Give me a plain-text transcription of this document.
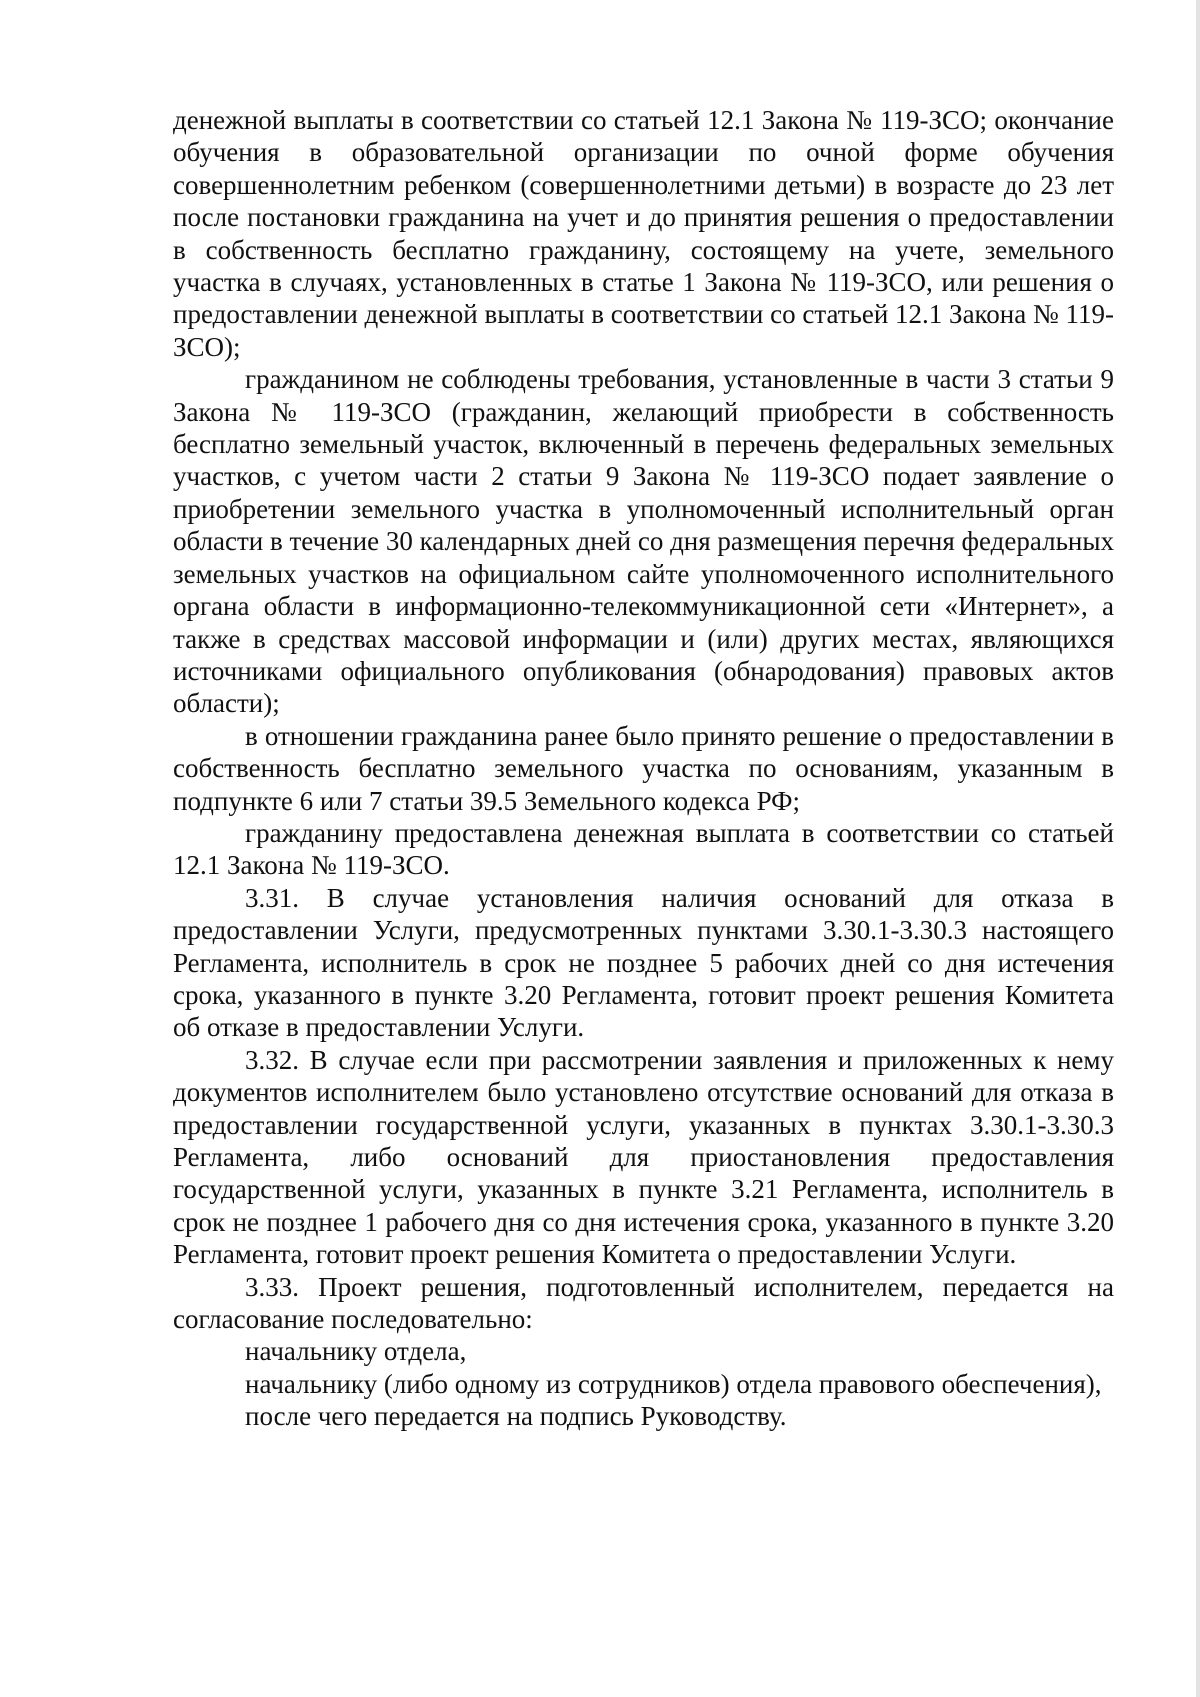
денежной выплаты в соответствии со статьей 12.1 Закона № 119-ЗСО; окончание обучения в образовательной организации по очной форме обучения совершеннолетним ребенком (совершеннолетними детьми) в возрасте до 23 лет после постановки гражданина на учет и до принятия решения о предоставлении в собственность бесплатно гражданину, состоящему на учете, земельного участка в случаях, установленных в статье 1 Закона № 119-ЗСО, или решения о предоставлении денежной выплаты в соответствии со статьей 12.1 Закона № 119-ЗСО);

гражданином не соблюдены требования, установленные в части 3 статьи 9 Закона № 119-ЗСО (гражданин, желающий приобрести в собственность бесплатно земельный участок, включенный в перечень федеральных земельных участков, с учетом части 2 статьи 9 Закона № 119-ЗСО подает заявление о приобретении земельного участка в уполномоченный исполнительный орган области в течение 30 календарных дней со дня размещения перечня федеральных земельных участков на официальном сайте уполномоченного исполнительного органа области в информационно-телекоммуникационной сети «Интернет», а также в средствах массовой информации и (или) других местах, являющихся источниками официального опубликования (обнародования) правовых актов области);

в отношении гражданина ранее было принято решение о предоставлении в собственность бесплатно земельного участка по основаниям, указанным в подпункте 6 или 7 статьи 39.5 Земельного кодекса РФ;

гражданину предоставлена денежная выплата в соответствии со статьей 12.1 Закона № 119-ЗСО.

3.31. В случае установления наличия оснований для отказа в предоставлении Услуги, предусмотренных пунктами 3.30.1-3.30.3 настоящего Регламента, исполнитель в срок не позднее 5 рабочих дней со дня истечения срока, указанного в пункте 3.20 Регламента, готовит проект решения Комитета об отказе в предоставлении Услуги.

3.32. В случае если при рассмотрении заявления и приложенных к нему документов исполнителем было установлено отсутствие оснований для отказа в предоставлении государственной услуги, указанных в пунктах 3.30.1-3.30.3 Регламента, либо оснований для приостановления предоставления государственной услуги, указанных в пункте 3.21 Регламента, исполнитель в срок не позднее 1 рабочего дня со дня истечения срока, указанного в пункте 3.20 Регламента, готовит проект решения Комитета о предоставлении Услуги.

3.33. Проект решения, подготовленный исполнителем, передается на согласование последовательно:

начальнику отдела,

начальнику (либо одному из сотрудников) отдела правового обеспечения),

после чего передается на подпись Руководству.
